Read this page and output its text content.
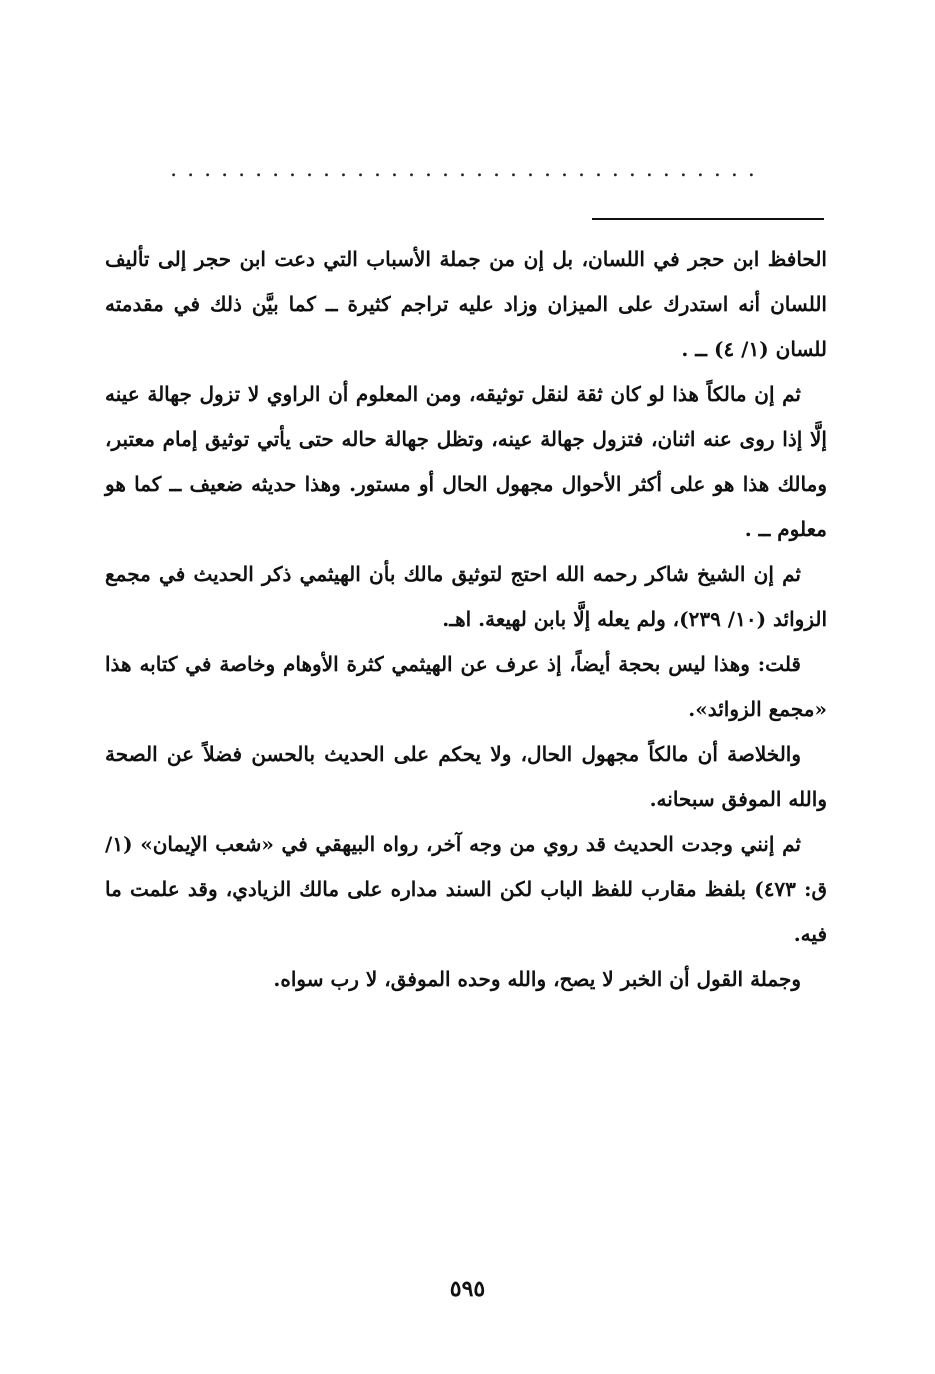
...................................

الحافظ ابن حجر في اللسان، بل إن من جملة الأسباب التي دعت ابن حجر إلى تأليف اللسان أنه استدرك على الميزان وزاد عليه تراجم كثيرة ــ كما بيَّن ذلك في مقدمته للسان (١/ ٤) ــ .

ثم إن مالكاً هذا لو كان ثقة لنقل توثيقه، ومن المعلوم أن الراوي لا تزول جهالة عينه إلَّا إذا روى عنه اثنان، فتزول جهالة عينه، وتظل جهالة حاله حتى يأتي توثيق إمام معتبر، ومالك هذا هو على أكثر الأحوال مجهول الحال أو مستور. وهذا حديثه ضعيف ــ كما هو معلوم ــ .

ثم إن الشيخ شاكر رحمه الله احتج لتوثيق مالك بأن الهيثمي ذكر الحديث في مجمع الزوائد (١٠/ ٢٣٩)، ولم يعله إلَّا بابن لهيعة. اهـ.

قلت: وهذا ليس بحجة أيضاً، إذ عرف عن الهيثمي كثرة الأوهام وخاصة في كتابه هذا «مجمع الزوائد».

والخلاصة أن مالكاً مجهول الحال، ولا يحكم على الحديث بالحسن فضلاً عن الصحة والله الموفق سبحانه.

ثم إنني وجدت الحديث قد روي من وجه آخر، رواه البيهقي في «شعب الإيمان» (١/ق: ٤٧٣) بلفظ مقارب للفظ الباب لكن السند مداره على مالك الزيادي، وقد علمت ما فيه.

وجملة القول أن الخبر لا يصح، والله وحده الموفق، لا رب سواه.

٥٩٥
